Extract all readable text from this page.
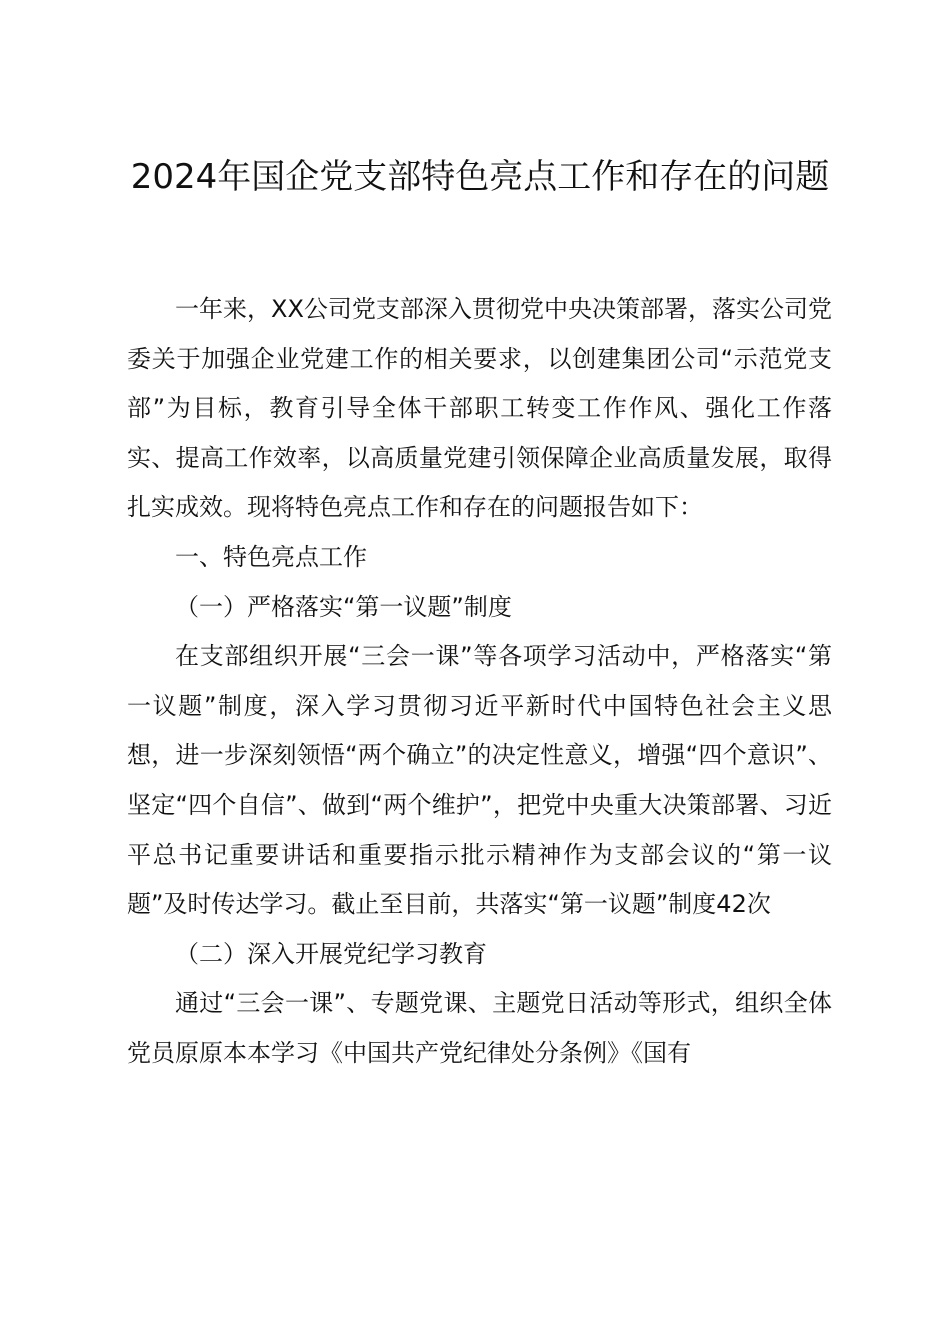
2024年国企党支部特色亮点工作和存在的问题

一年来，XX公司党支部深入贯彻党中央决策部署，落实公司党委关于加强企业党建工作的相关要求，以创建集团公司“示范党支部”为目标，教育引导全体干部职工转变工作作风、强化工作落实、提高工作效率，以高质量党建引领保障企业高质量发展，取得扎实成效。现将特色亮点工作和存在的问题报告如下：

一、特色亮点工作

（一）严格落实“第一议题”制度

在支部组织开展“三会一课”等各项学习活动中，严格落实“第一议题”制度，深入学习贯彻习近平新时代中国特色社会主义思想，进一步深刻领悟“两个确立”的决定性意义，增强“四个意识”、坚定“四个自信”、做到“两个维护”，把党中央重大决策部署、习近平总书记重要讲话和重要指示批示精神作为支部会议的“第一议题”及时传达学习。截止至目前，共落实“第一议题”制度42次

（二）深入开展党纪学习教育

通过“三会一课”、专题党课、主题党日活动等形式，组织全体党员原原本本学习《中国共产党纪律处分条例》《国有
